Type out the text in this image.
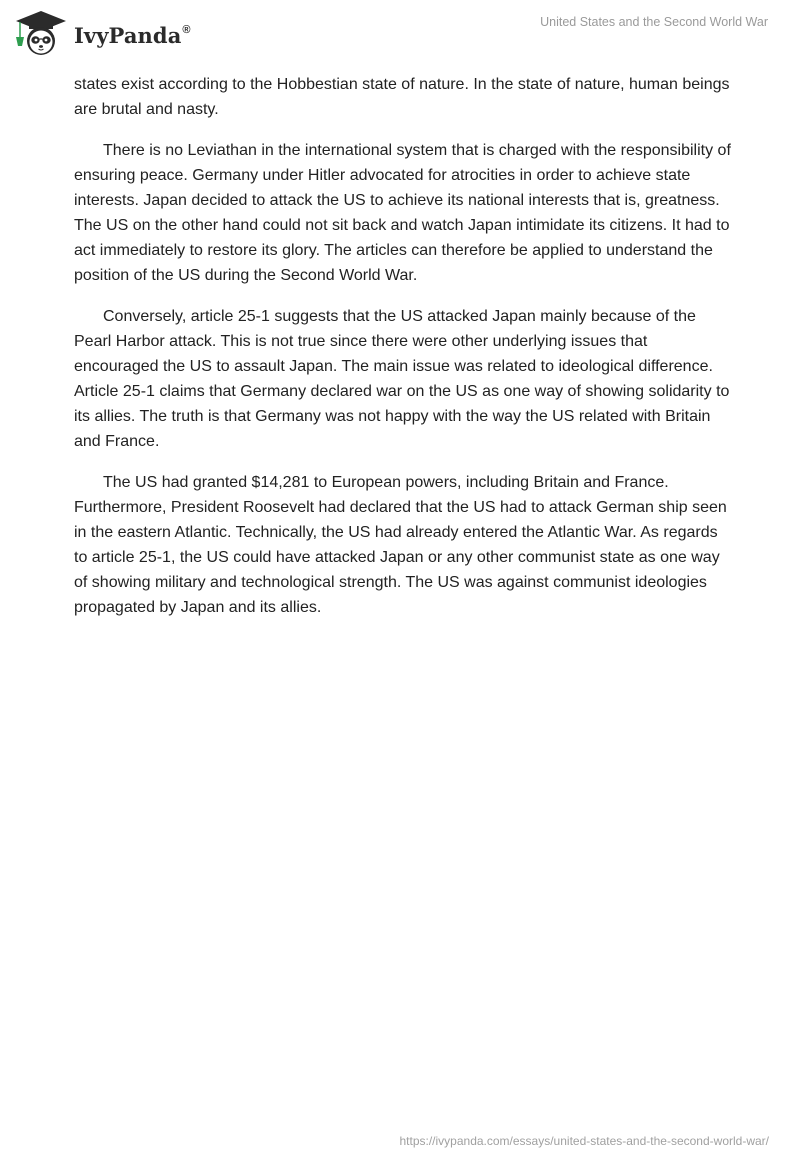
IvyPanda®
United States and the Second World War

states exist according to the Hobbestian state of nature. In the state of nature, human beings are brutal and nasty.

There is no Leviathan in the international system that is charged with the responsibility of ensuring peace. Germany under Hitler advocated for atrocities in order to achieve state interests. Japan decided to attack the US to achieve its national interests that is, greatness. The US on the other hand could not sit back and watch Japan intimidate its citizens. It had to act immediately to restore its glory. The articles can therefore be applied to understand the position of the US during the Second World War.

Conversely, article 25-1 suggests that the US attacked Japan mainly because of the Pearl Harbor attack. This is not true since there were other underlying issues that encouraged the US to assault Japan. The main issue was related to ideological difference. Article 25-1 claims that Germany declared war on the US as one way of showing solidarity to its allies. The truth is that Germany was not happy with the way the US related with Britain and France.

The US had granted $14,281 to European powers, including Britain and France. Furthermore, President Roosevelt had declared that the US had to attack German ship seen in the eastern Atlantic. Technically, the US had already entered the Atlantic War. As regards to article 25-1, the US could have attacked Japan or any other communist state as one way of showing military and technological strength. The US was against communist ideologies propagated by Japan and its allies.

https://ivypanda.com/essays/united-states-and-the-second-world-war/
